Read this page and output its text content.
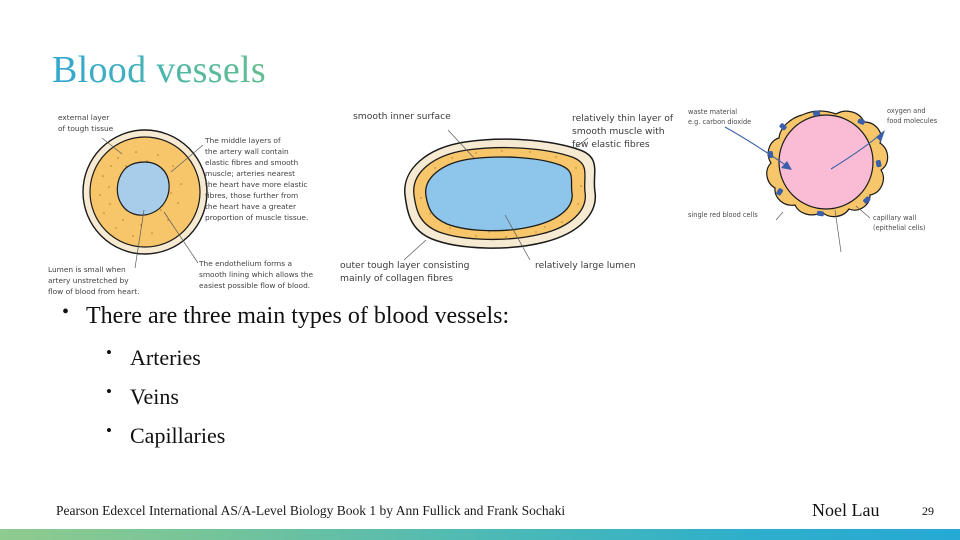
Blood vessels
external layer
of tough tissue
The middle layers of
the artery wall contain
elastic fibres and smooth
muscle; arteries nearest
the heart have more elastic
fibres, those further from
the heart have a greater
proportion of muscle tissue.
Lumen is small when
artery unstretched by
flow of blood from heart.
The endothelium forms a
smooth lining which allows the
easiest possible flow of blood.
smooth inner surface	relatively thin layer of
smooth muscle with
few elastic fibres
outer tough layer consisting
mainly of collagen fibres
relatively large lumen
waste material
e.g. carbon dioxide
oxygen and
food molecules
single red blood cells	capillary wall
(epithelial cells)
• There are three main types of blood vessels:
• Arteries
• Veins
• Capillaries
Pearson Edexcel International AS/A-Level Biology Book 1 by Ann Fullick and Frank Sochaki	Noel Lau	29
